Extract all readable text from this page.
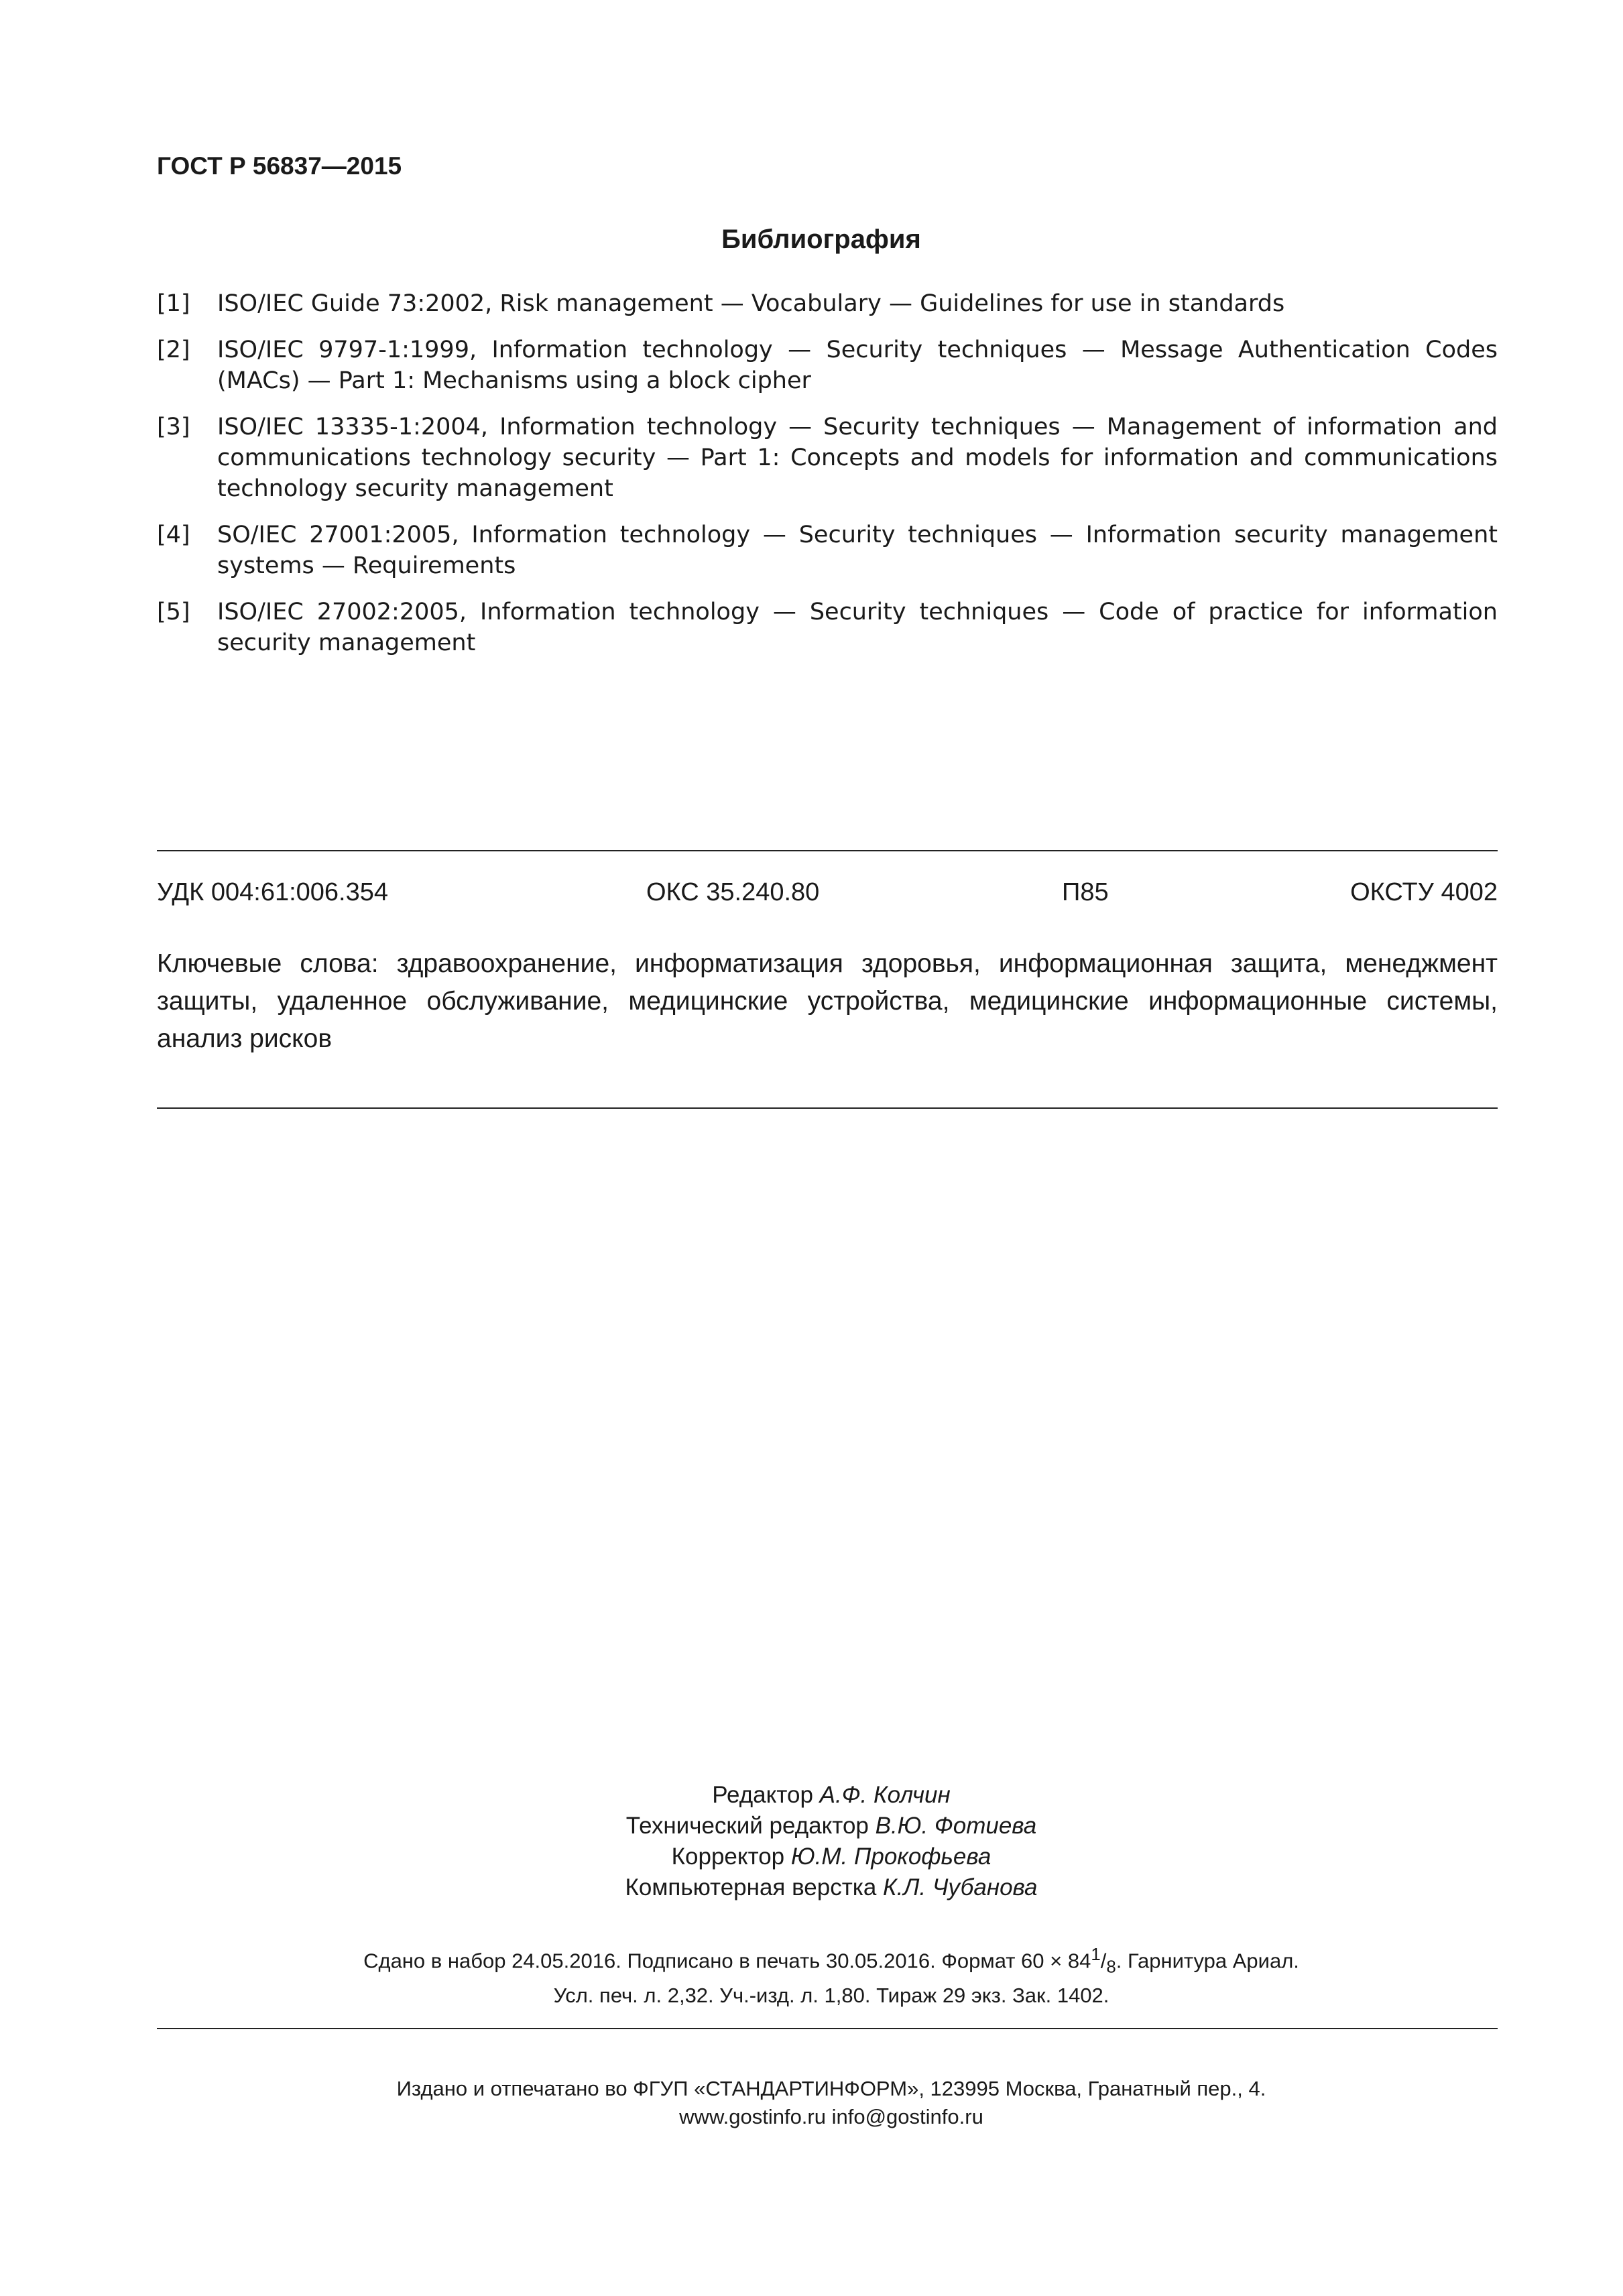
ГОСТ Р 56837—2015
Библиография
[1]	ISO/IEC Guide 73:2002, Risk management — Vocabulary — Guidelines for use in standards
[2]	ISO/IEC 9797-1:1999, Information technology — Security techniques — Message Authentication Codes (MACs) — Part 1: Mechanisms using a block cipher
[3]	ISO/IEC 13335-1:2004, Information technology — Security techniques — Management of information and communications technology security — Part 1: Concepts and models for information and communications technology security management
[4]	SO/IEC 27001:2005, Information technology — Security techniques — Information security management systems — Requirements
[5]	ISO/IEC 27002:2005, Information technology — Security techniques — Code of practice for information security management
УДК 004:61:006.354	ОКС 35.240.80	П85	ОКСТУ 4002
Ключевые слова: здравоохранение, информатизация здоровья, информационная защита, менеджмент защиты, удаленное обслуживание, медицинские устройства, медицинские информационные системы, анализ рисков
Редактор А.Ф. Колчин
Технический редактор В.Ю. Фотиева
Корректор Ю.М. Прокофьева
Компьютерная верстка К.Л. Чубанова
Сдано в набор 24.05.2016. Подписано в печать 30.05.2016. Формат $60 \times 84^1/_8$. Гарнитура Ариал.
Усл. печ. л. 2,32. Уч.-изд. л. 1,80. Тираж 29 экз. Зак. 1402.
Издано и отпечатано во ФГУП «СТАНДАРТИНФОРМ», 123995 Москва, Гранатный пер., 4.
www.gostinfo.ru info@gostinfo.ru
